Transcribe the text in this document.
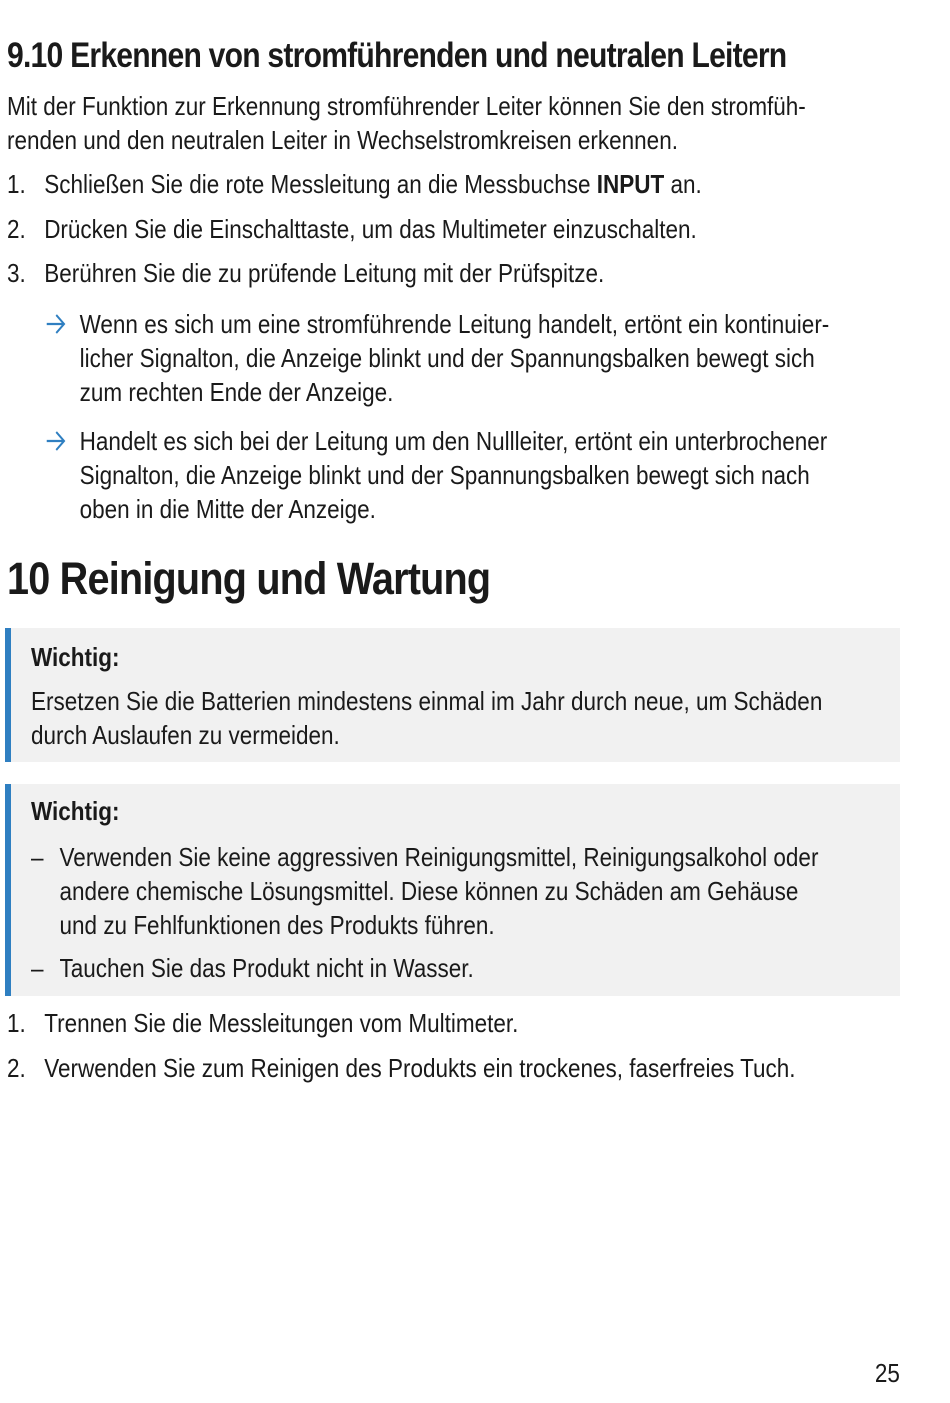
9.10 Erkennen von stromführenden und neutralen Leitern

Mit der Funktion zur Erkennung stromführender Leiter können Sie den stromfüh-
renden und den neutralen Leiter in Wechselstromkreisen erkennen.

1. Schließen Sie die rote Messleitung an die Messbuchse INPUT an.

2. Drücken Sie die Einschalttaste, um das Multimeter einzuschalten.

3. Berühren Sie die zu prüfende Leitung mit der Prüfspitze.

Wenn es sich um eine stromführende Leitung handelt, ertönt ein kontinuier-
licher Signalton, die Anzeige blinkt und der Spannungsbalken bewegt sich
zum rechten Ende der Anzeige.
Handelt es sich bei der Leitung um den Nullleiter, ertönt ein unterbrochener
Signalton, die Anzeige blinkt und der Spannungsbalken bewegt sich nach
oben in die Mitte der Anzeige.
10 Reinigung und Wartung

Wichtig:

Ersetzen Sie die Batterien mindestens einmal im Jahr durch neue, um Schäden
durch Auslaufen zu vermeiden.

Wichtig:

– Verwenden Sie keine aggressiven Reinigungsmittel, Reinigungsalkohol oder
andere chemische Lösungsmittel. Diese können zu Schäden am Gehäuse
und zu Fehlfunktionen des Produkts führen.
– Tauchen Sie das Produkt nicht in Wasser.

1. Trennen Sie die Messleitungen vom Multimeter.

2. Verwenden Sie zum Reinigen des Produkts ein trockenes, faserfreies Tuch.

25
